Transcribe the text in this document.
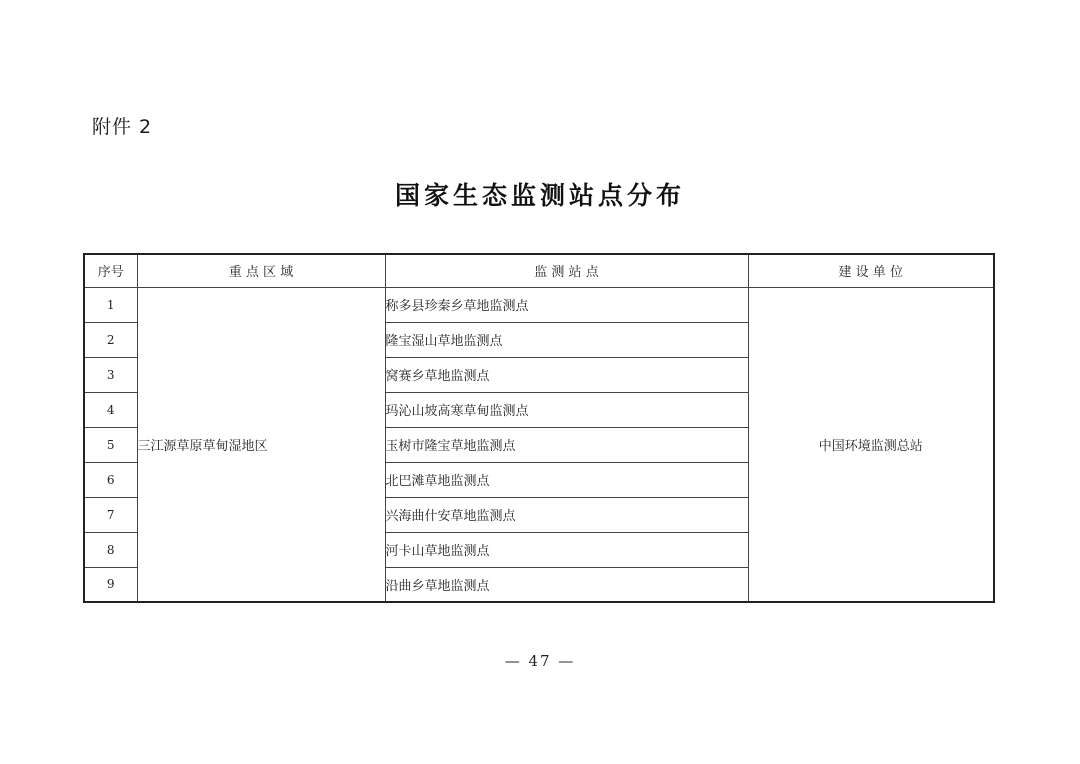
附件 2
国家生态监测站点分布
序号	重 点 区 域	监 测 站 点	建 设 单 位
1	三江源草原草甸湿地区	称多县珍秦乡草地监测点	中国环境监测总站
2		隆宝湿山草地监测点	
3		窝赛乡草地监测点	
4		玛沁山坡高寒草甸监测点	
5		玉树市隆宝草地监测点	
6		北巴滩草地监测点	
7		兴海曲什安草地监测点	
8		河卡山草地监测点	
9		沿曲乡草地监测点	
— 47 —
